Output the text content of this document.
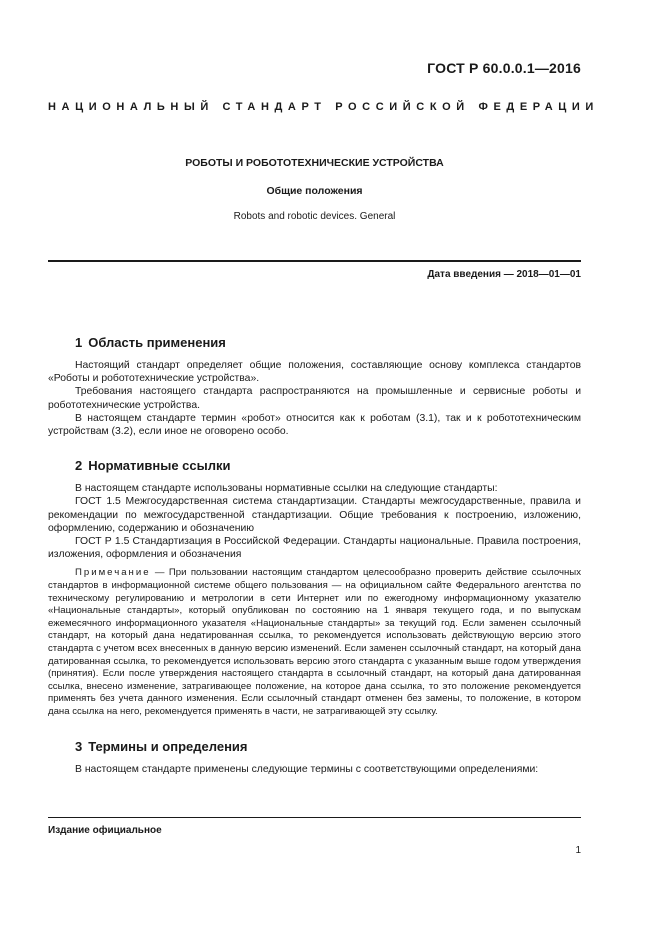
ГОСТ Р 60.0.0.1—2016
НАЦИОНАЛЬНЫЙ СТАНДАРТ РОССИЙСКОЙ ФЕДЕРАЦИИ
РОБОТЫ И РОБОТОТЕХНИЧЕСКИЕ УСТРОЙСТВА
Общие положения
Robots and robotic devices. General
Дата введения — 2018—01—01
1 Область применения

Настоящий стандарт определяет общие положения, составляющие основу комплекса стандартов «Роботы и робототехнические устройства».

Требования настоящего стандарта распространяются на промышленные и сервисные роботы и робототехнические устройства.

В настоящем стандарте термин «робот» относится как к роботам (3.1), так и к робототехническим устройствам (3.2), если иное не оговорено особо.

2 Нормативные ссылки

В настоящем стандарте использованы нормативные ссылки на следующие стандарты:

ГОСТ 1.5 Межгосударственная система стандартизации. Стандарты межгосударственные, правила и рекомендации по межгосударственной стандартизации. Общие требования к построению, изложению, оформлению, содержанию и обозначению

ГОСТ Р 1.5 Стандартизация в Российской Федерации. Стандарты национальные. Правила построения, изложения, оформления и обозначения

Примечание — При пользовании настоящим стандартом целесообразно проверить действие ссылочных стандартов в информационной системе общего пользования — на официальном сайте Федерального агентства по техническому регулированию и метрологии в сети Интернет или по ежегодному информационному указателю «Национальные стандарты», который опубликован по состоянию на 1 января текущего года, и по выпускам ежемесячного информационного указателя «Национальные стандарты» за текущий год. Если заменен ссылочный стандарт, на который дана недатированная ссылка, то рекомендуется использовать действующую версию этого стандарта с учетом всех внесенных в данную версию изменений. Если заменен ссылочный стандарт, на который дана датированная ссылка, то рекомендуется использовать версию этого стандарта с указанным выше годом утверждения (принятия). Если после утверждения настоящего стандарта в ссылочный стандарт, на который дана датированная ссылка, внесено изменение, затрагивающее положение, на которое дана ссылка, то это положение рекомендуется применять без учета данного изменения. Если ссылочный стандарт отменен без замены, то положение, в котором дана ссылка на него, рекомендуется применять в части, не затрагивающей эту ссылку.

3 Термины и определения

В настоящем стандарте применены следующие термины с соответствующими определениями:

Издание официальное
1
